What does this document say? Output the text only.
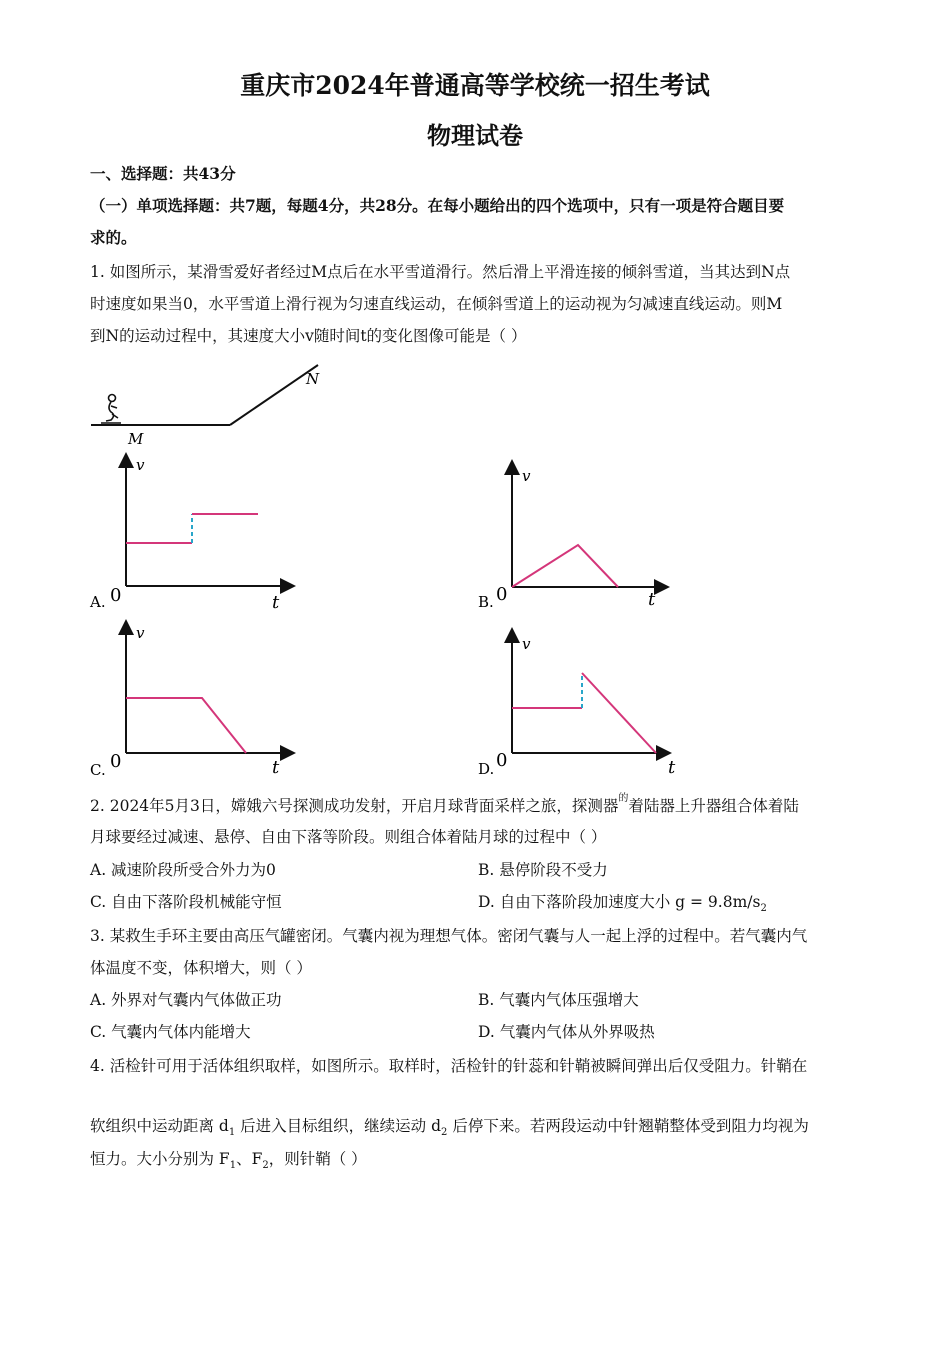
重庆市2024年普通高等学校统一招生考试
物理试卷
一、选择题：共43分
（一）单项选择题：共7题，每题4分，共28分。在每小题给出的四个选项中，只有一项是符合题目要
求的。
1. 如图所示，某滑雪爱好者经过M点后在水平雪道滑行。然后滑上平滑连接的倾斜雪道，当其达到N点
时速度如果当0，水平雪道上滑行视为匀速直线运动，在倾斜雪道上的运动视为匀减速直线运动。则M
到N的运动过程中，其速度大小v随时间t的变化图像可能是（ ）
M
N
v
t
0
A.
v
t
0
B.
v
t
0
C.
v
t
0
D.
2. 2024年5月3日，嫦娥六号探测成功发射，开启月球背面采样之旅，探测器$^的$着陆器上升器组合体着陆
月球要经过减速、悬停、自由下落等阶段。则组合体着陆月球的过程中（ ）
A. 减速阶段所受合外力为0	B. 悬停阶段不受力
C. 自由下落阶段机械能守恒	D. 自由下落阶段加速度大小 $g = 9.8m/s_2$
3. 某救生手环主要由高压气罐密闭。气囊内视为理想气体。密闭气囊与人一起上浮的过程中。若气囊内气
体温度不变，体积增大，则（ ）
A. 外界对气囊内气体做正功	B. 气囊内气体压强增大
C. 气囊内气体内能增大	D. 气囊内气体从外界吸热
4. 活检针可用于活体组织取样，如图所示。取样时，活检针的针蕊和针鞘被瞬间弹出后仅受阻力。针鞘在
软组织中运动距离 $d_1$ 后进入目标组织，继续运动 $d_2$ 后停下来。若两段运动中针翘鞘整体受到阻力均视为
恒力。大小分别为 $F_1$、$F_2$，则针鞘（ ）
